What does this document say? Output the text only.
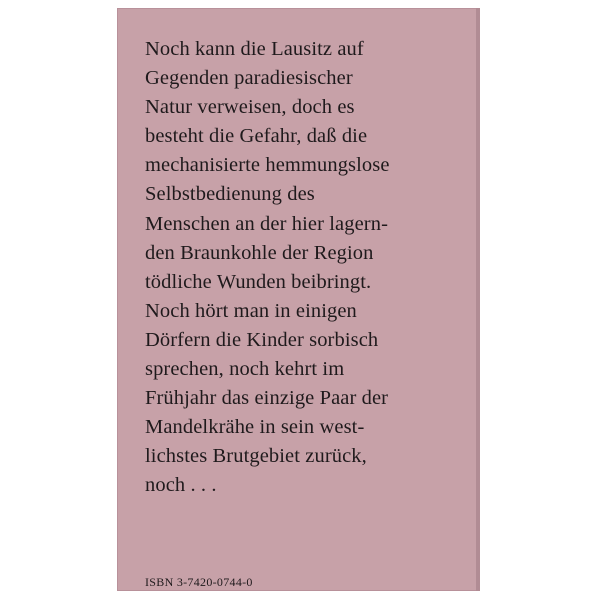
Noch kann die Lausitz auf
Gegenden paradiesischer
Natur verweisen, doch es
besteht die Gefahr, daß die
mechanisierte hemmungslose
Selbstbedienung des
Menschen an der hier lagern-
den Braunkohle der Region
tödliche Wunden beibringt.
Noch hört man in einigen
Dörfern die Kinder sorbisch
sprechen, noch kehrt im
Frühjahr das einzige Paar der
Mandelkrähe in sein west-
lichstes Brutgebiet zurück,
noch . . .
ISBN 3-7420-0744-0
